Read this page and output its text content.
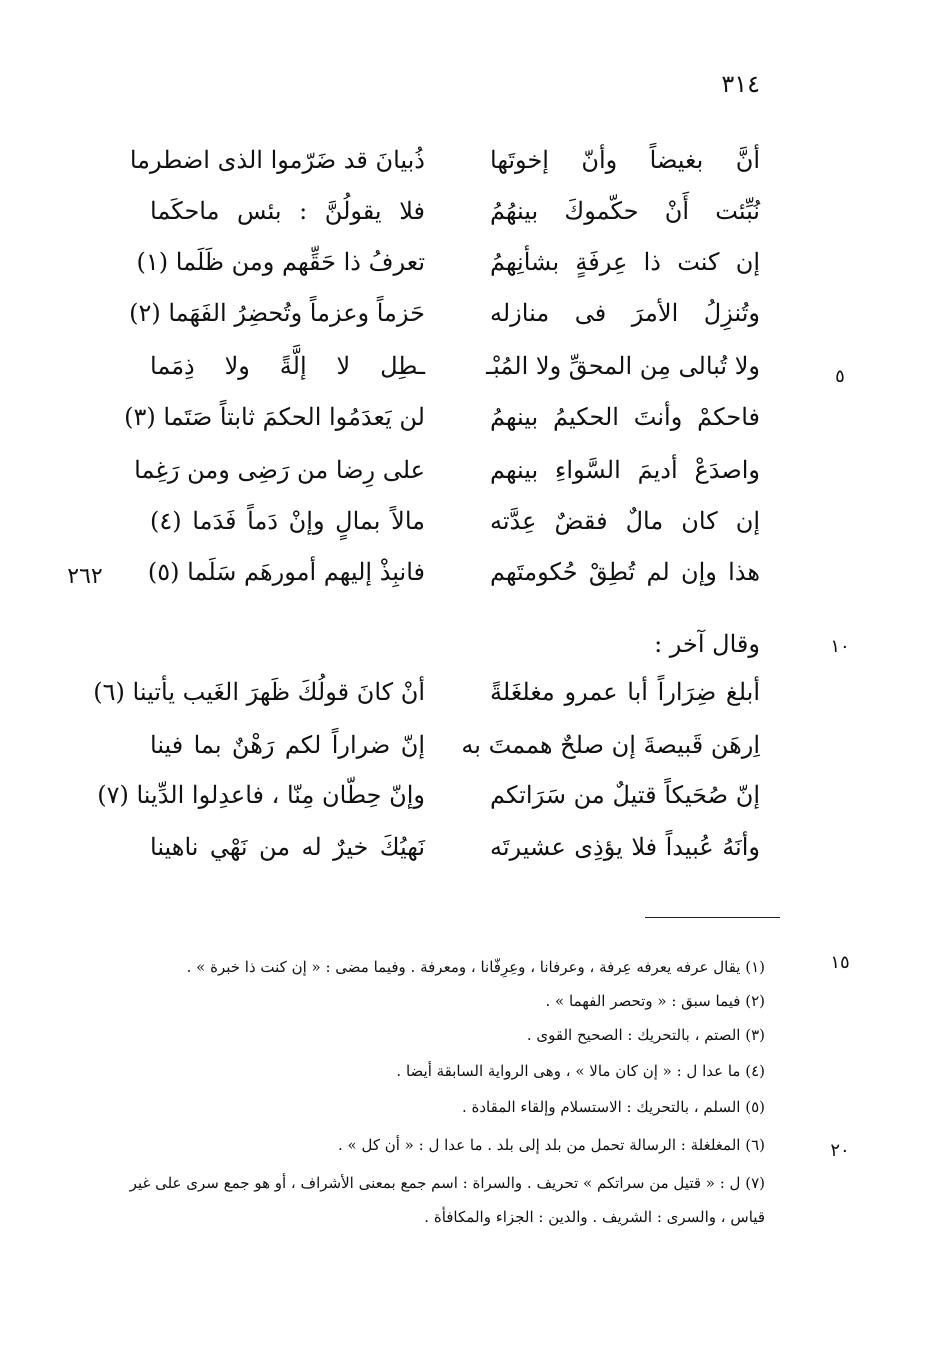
٣١٤
٥
١٠
١٥
٢٠
٢٦٢
أنَّ بغيضاً وأنّ إخوتَها
ذُبيانَ قد ضَرّموا الذى اضطرما
نُبِّئت أَنْ حكّموكَ بينهُمُ
فلا يقولُنَّ : بئس ماحكَما
إن كنت ذا عِرفَةٍ بشأنِهمُ
تعرفُ ذا حَقِّهم ومن ظَلَما (١)
وتُنزِلُ الأمرَ فى منازله
حَزماً وعزماً وتُحضِرُ الفَهَما (٢)
ولا تُبالى مِن المحقِّ ولا المُبْـ
ـطِل لا إلَّةً ولا ذِمَما
فاحكمْ وأنتَ الحكيمُ بينهمُ
لن يَعدَمُوا الحكمَ ثابتاً صَتَما (٣)
واصدَعْ أديمَ السَّواءِ بينهم
على رِضا من رَضِى ومن رَغِما
إن كان مالٌ فقضٌ عِدَّته
مالاً بمالٍ وإنْ دَماً فَدَما (٤)
هذا وإن لم تُطِقْ حُكومتَهم
فانبِذْ إليهم أمورهَم سَلَما (٥)
وقال آخر :
أبلغ ضِرَاراً أبا عمرو مغلغَلةً
أنْ كانَ قولُكَ ظَهرَ الغَيب يأتينا (٦)
اِرهَن قَبيصةَ إن صلحٌ هممتَ به
إنّ ضراراً لكم رَهْنٌ بما فينا
إنّ صُحَيكاً قتيلٌ من سَرَاتكم
وإنّ حِطّان مِنّا ، فاعدِلوا الدِّينا (٧)
وأنَهُ عُبيداً فلا يؤذِى عشيرتَه
نَهيُكَ خيرٌ له من نَهْي ناهينا
(١) يقال عرفه يعرفه عِرفة ، وعرفانا ، وعِرِفّانا ، ومعرفة . وفيما مضى : « إن كنت ذا خبرة » .
(٢) فيما سبق : « وتحصر الفهما » .
(٣) الصتم ، بالتحريك : الصحيح القوى .
(٤) ما عدا ل : « إن كان مالا » ، وهى الرواية السابقة أيضا .
(٥) السلم ، بالتحريك : الاستسلام وإلقاء المقادة .
(٦) المغلغلة : الرسالة تحمل من بلد إلى بلد . ما عدا ل : « أن كل » .
(٧) ل : « قتيل من سراتكم » تحريف . والسراة : اسم جمع بمعنى الأشراف ، أو هو جمع سرى على غير قياس ، والسرى : الشريف . والدين : الجزاء والمكافأة .
